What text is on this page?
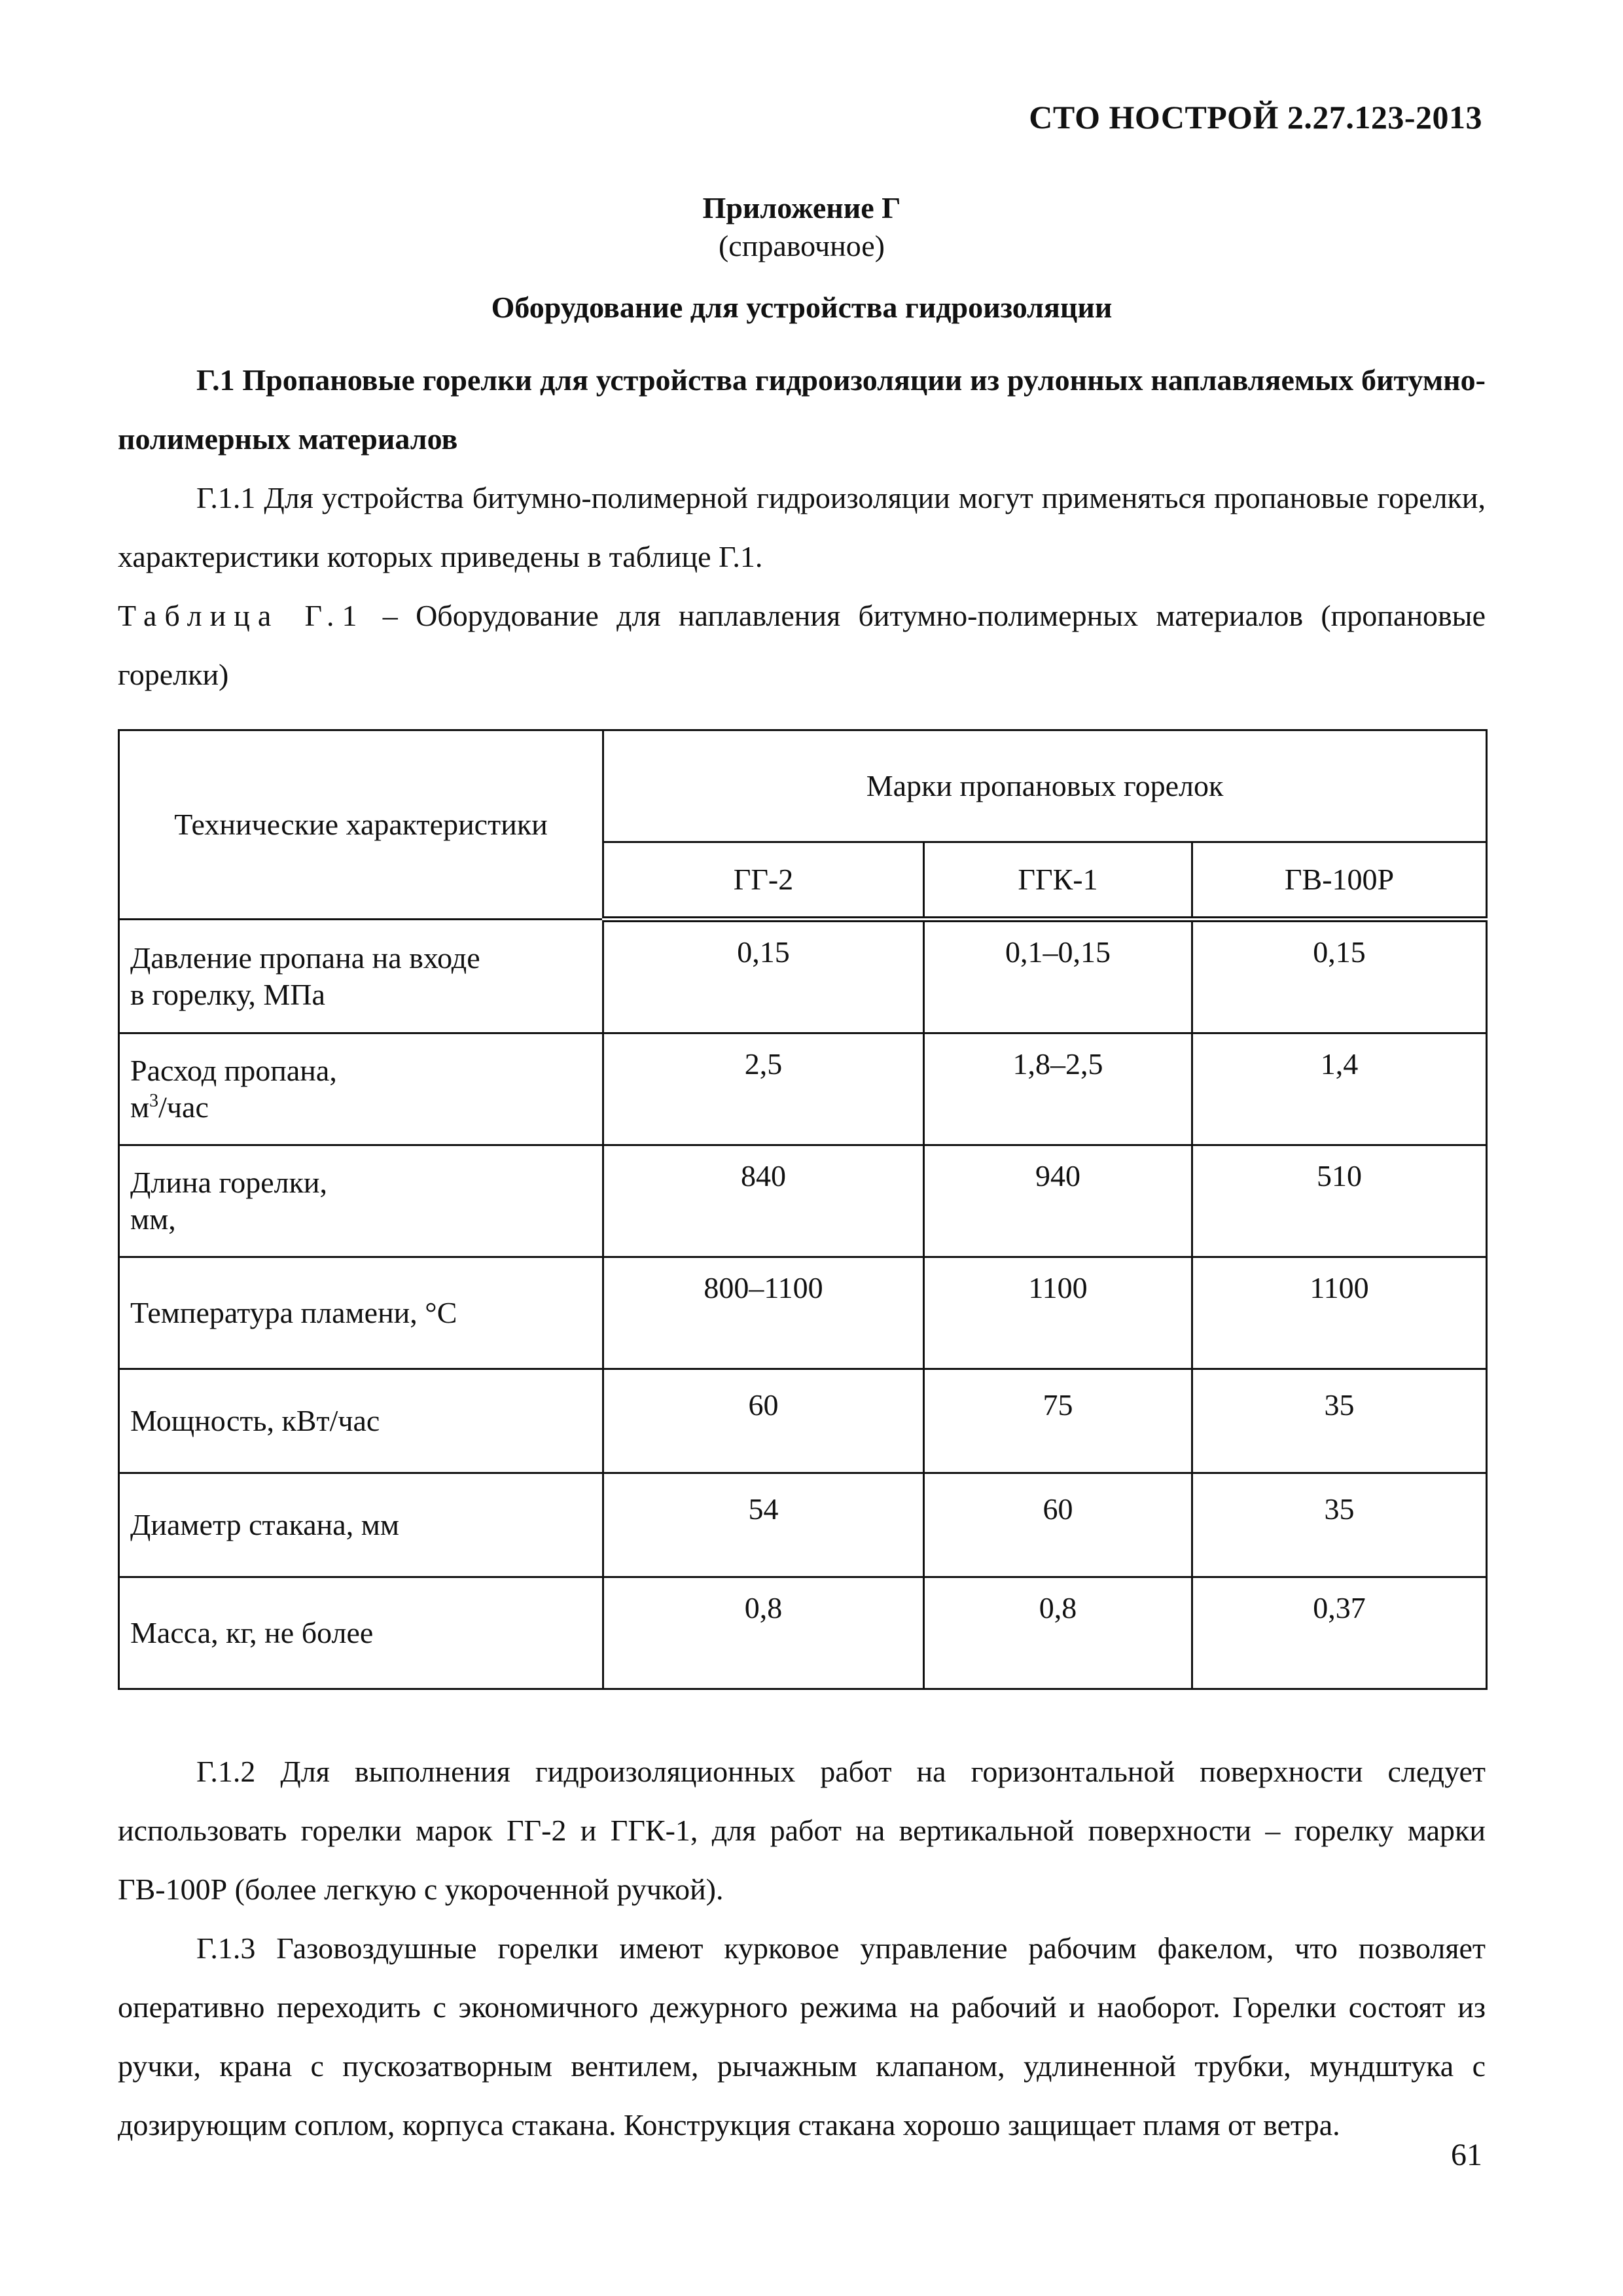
СТО НОСТРОЙ 2.27.123-2013
Приложение Г
(справочное)
Оборудование для устройства гидроизоляции
Г.1 Пропановые горелки для устройства гидроизоляции из рулонных наплавляемых битумно-полимерных материалов

Г.1.1 Для устройства битумно-полимерной гидроизоляции могут применяться пропановые горелки, характеристики которых приведены в таблице Г.1.

Таблица Г.1 – Оборудование для наплавления битумно-полимерных материалов (пропановые горелки)

Технические характеристики	Марки пропановых горелок		
	ГГ-2	ГГК-1	ГВ-100Р
Давление пропана на входе
в горелку, МПа	0,15	0,1–0,15	0,15
Расход пропана,
$м^3$/час	2,5	1,8–2,5	1,4
Длина горелки,
мм,	840	940	510
Температура пламени, °С	800–1100	1100	1100
Мощность, кВт/час	60	75	35
Диаметр стакана, мм	54	60	35
Масса, кг, не более	0,8	0,8	0,37

Г.1.2 Для выполнения гидроизоляционных работ на горизонтальной поверхности следует использовать горелки марок ГГ-2 и ГГК-1, для работ на вертикальной поверхности – горелку марки ГВ-100Р (более легкую с укороченной ручкой).

Г.1.3 Газовоздушные горелки имеют курковое управление рабочим факелом, что позволяет оперативно переходить с экономичного дежурного режима на рабочий и наоборот. Горелки состоят из ручки, крана с пускозатворным вентилем, рычажным клапаном, удлиненной трубки, мундштука с дозирующим соплом, корпуса стакана. Конструкция стакана хорошо защищает пламя от ветра.

61
